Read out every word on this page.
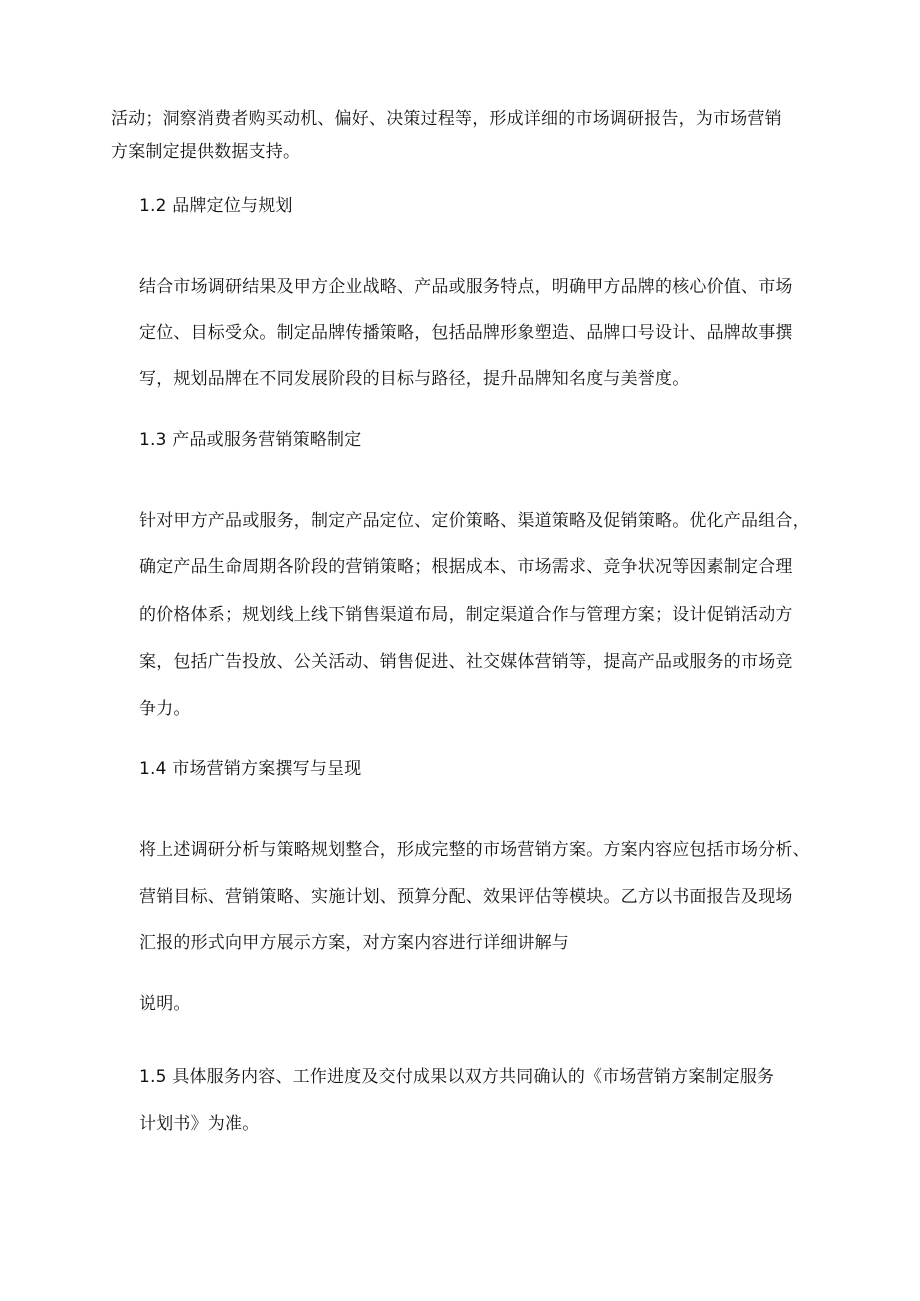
活动；洞察消费者购买动机、偏好、决策过程等，形成详细的市场调研报告，为市场营销
方案制定提供数据支持。
1.2 品牌定位与规划
结合市场调研结果及甲方企业战略、产品或服务特点，明确甲方品牌的核心价值、市场
定位、目标受众。制定品牌传播策略，包括品牌形象塑造、品牌口号设计、品牌故事撰
写，规划品牌在不同发展阶段的目标与路径，提升品牌知名度与美誉度。
1.3 产品或服务营销策略制定
针对甲方产品或服务，制定产品定位、定价策略、渠道策略及促销策略。优化产品组合，
确定产品生命周期各阶段的营销策略；根据成本、市场需求、竞争状况等因素制定合理
的价格体系；规划线上线下销售渠道布局，制定渠道合作与管理方案；设计促销活动方
案，包括广告投放、公关活动、销售促进、社交媒体营销等，提高产品或服务的市场竞
争力。
1.4 市场营销方案撰写与呈现
将上述调研分析与策略规划整合，形成完整的市场营销方案。方案内容应包括市场分析、
营销目标、营销策略、实施计划、预算分配、效果评估等模块。乙方以书面报告及现场
汇报的形式向甲方展示方案，对方案内容进行详细讲解与
说明。
1.5 具体服务内容、工作进度及交付成果以双方共同确认的《市场营销方案制定服务
计划书》为准。
